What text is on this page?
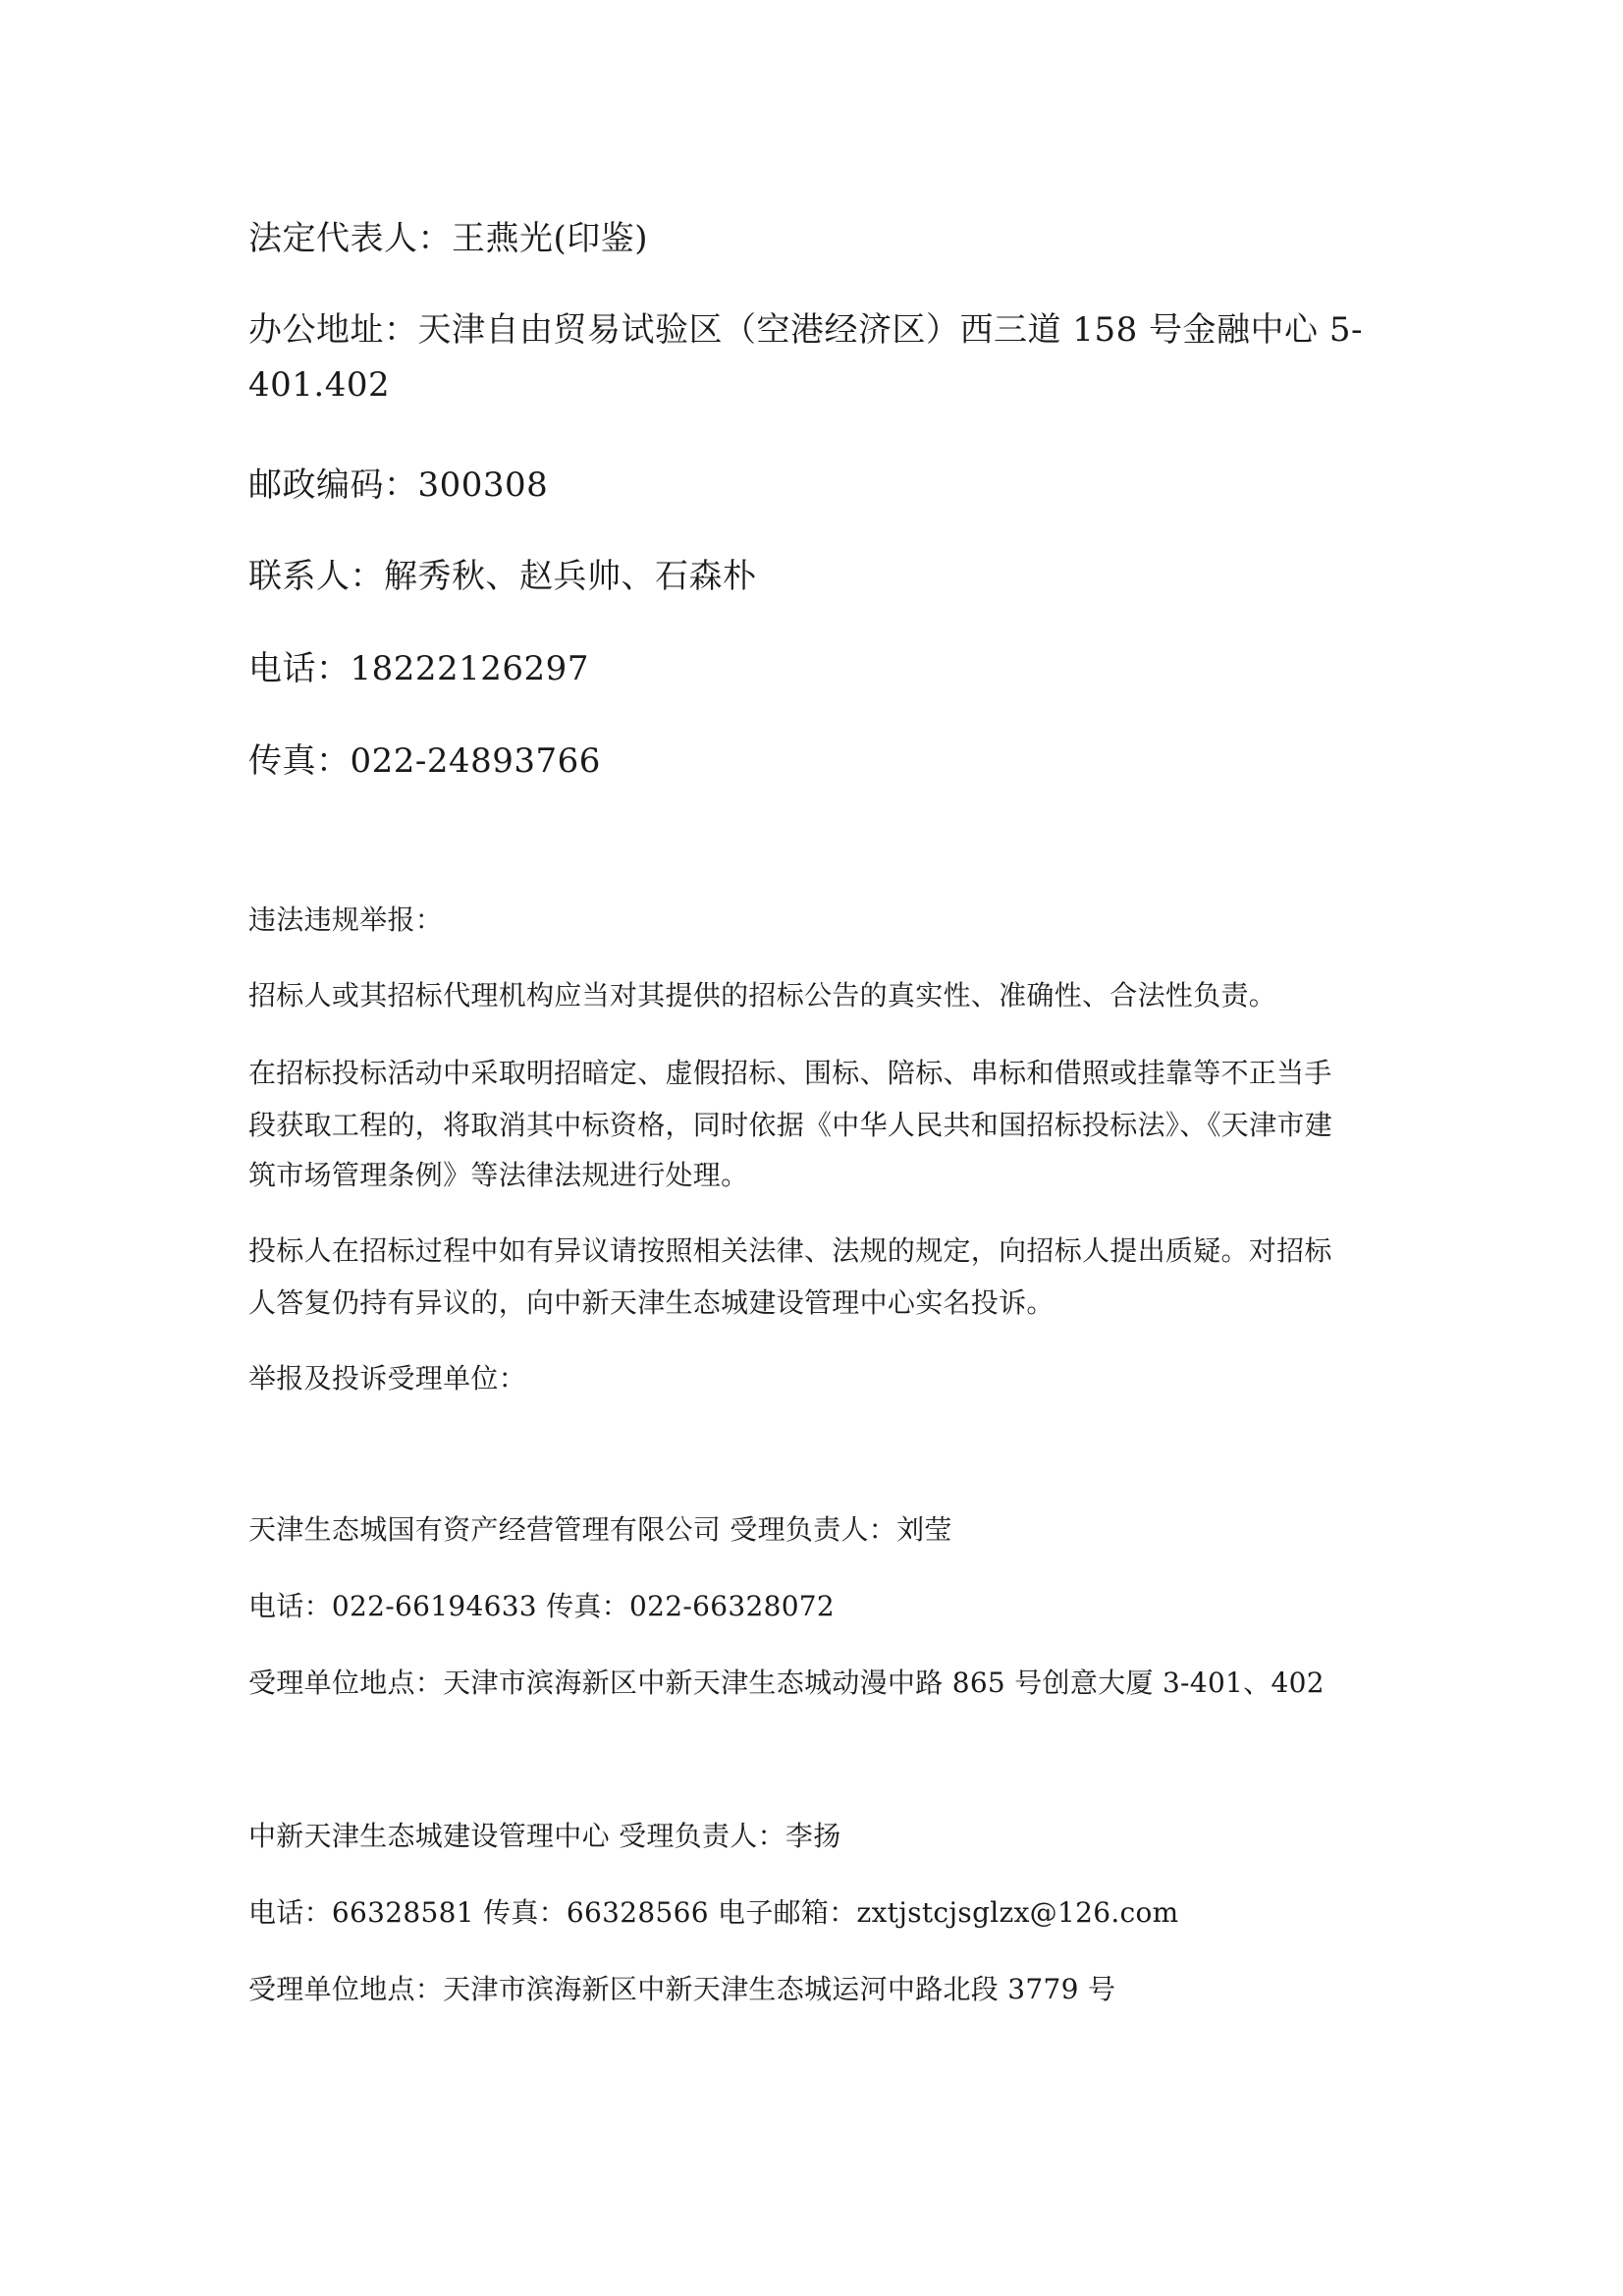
法定代表人：王燕光(印鉴)
办公地址：天津自由贸易试验区（空港经济区）西三道 158 号金融中心 5-
401.402
邮政编码：300308
联系人：解秀秋、赵兵帅、石森朴
电话：18222126297
传真：022-24893766
违法违规举报：
招标人或其招标代理机构应当对其提供的招标公告的真实性、准确性、合法性负责。
在招标投标活动中采取明招暗定、虚假招标、围标、陪标、串标和借照或挂靠等不正当手
段获取工程的，将取消其中标资格，同时依据《中华人民共和国招标投标法》、《天津市建
筑市场管理条例》等法律法规进行处理。
投标人在招标过程中如有异议请按照相关法律、法规的规定，向招标人提出质疑。对招标
人答复仍持有异议的，向中新天津生态城建设管理中心实名投诉。
举报及投诉受理单位：
天津生态城国有资产经营管理有限公司 受理负责人：刘莹
电话：022-66194633 传真：022-66328072
受理单位地点：天津市滨海新区中新天津生态城动漫中路 865 号创意大厦 3-401、402
中新天津生态城建设管理中心 受理负责人：李扬
电话：66328581 传真：66328566 电子邮箱：zxtjstcjsglzx@126.com
受理单位地点：天津市滨海新区中新天津生态城运河中路北段 3779 号
